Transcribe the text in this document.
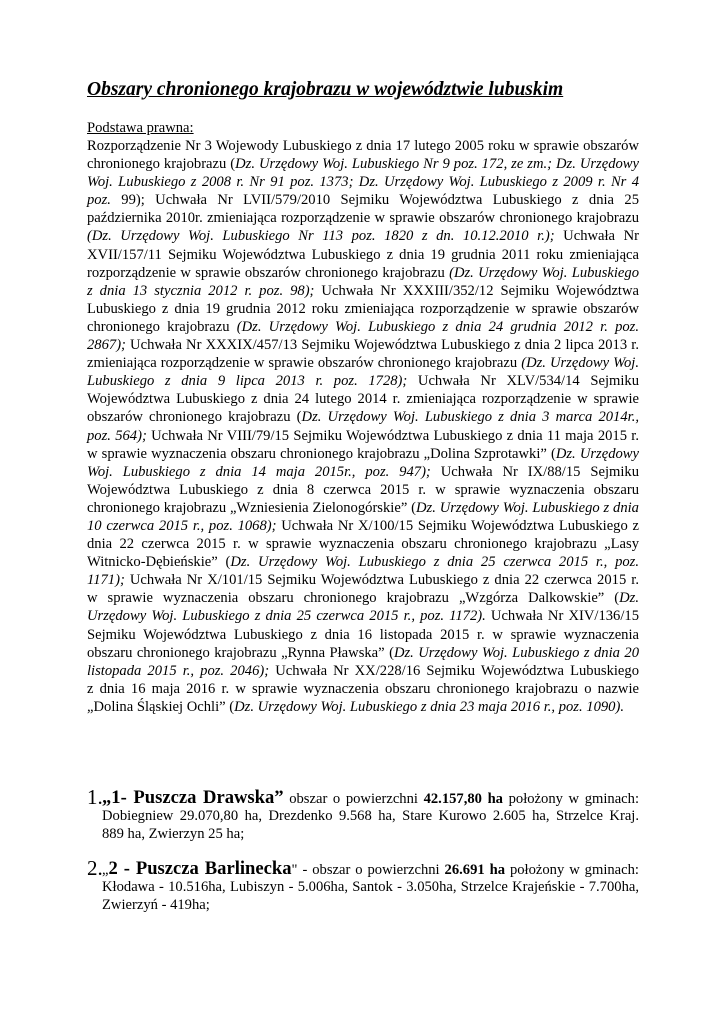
Obszary chronionego krajobrazu w województwie lubuskim
Podstawa prawna:
Rozporządzenie Nr 3 Wojewody Lubuskiego z dnia 17 lutego 2005 roku w sprawie obszarów
chronionego krajobrazu (Dz. Urzędowy Woj. Lubuskiego Nr 9 poz. 172, ze zm.; Dz. Urzędowy
Woj. Lubuskiego z 2008 r. Nr 91 poz. 1373; Dz. Urzędowy Woj. Lubuskiego z 2009 r. Nr 4
poz. 99); Uchwała Nr LVII/579/2010 Sejmiku Województwa Lubuskiego z dnia 25
października 2010r. zmieniająca rozporządzenie w sprawie obszarów chronionego krajobrazu
(Dz. Urzędowy Woj. Lubuskiego Nr 113 poz. 1820 z dn. 10.12.2010 r.); Uchwała Nr
XVII/157/11 Sejmiku Województwa Lubuskiego z dnia 19 grudnia 2011 roku zmieniająca
rozporządzenie w sprawie obszarów chronionego krajobrazu (Dz. Urzędowy Woj. Lubuskiego
z dnia 13 stycznia 2012 r. poz. 98); Uchwała Nr XXXIII/352/12 Sejmiku Województwa
Lubuskiego z dnia 19 grudnia 2012 roku zmieniająca rozporządzenie w sprawie obszarów
chronionego krajobrazu (Dz. Urzędowy Woj. Lubuskiego z dnia 24 grudnia 2012 r. poz.
2867); Uchwała Nr XXXIX/457/13 Sejmiku Województwa Lubuskiego z dnia 2 lipca 2013 r.
zmieniająca rozporządzenie w sprawie obszarów chronionego krajobrazu (Dz. Urzędowy Woj.
Lubuskiego z dnia 9 lipca 2013 r. poz. 1728); Uchwała Nr XLV/534/14 Sejmiku
Województwa Lubuskiego z dnia 24 lutego 2014 r. zmieniająca rozporządzenie w sprawie
obszarów chronionego krajobrazu (Dz. Urzędowy Woj. Lubuskiego z dnia 3 marca 2014r.,
poz. 564); Uchwała Nr VIII/79/15 Sejmiku Województwa Lubuskiego z dnia 11 maja 2015 r.
w sprawie wyznaczenia obszaru chronionego krajobrazu „Dolina Szprotawki” (Dz. Urzędowy
Woj. Lubuskiego z dnia 14 maja 2015r., poz. 947); Uchwała Nr IX/88/15 Sejmiku
Województwa Lubuskiego z dnia 8 czerwca 2015 r. w sprawie wyznaczenia obszaru
chronionego krajobrazu „Wzniesienia Zielonogórskie” (Dz. Urzędowy Woj. Lubuskiego z dnia
10 czerwca 2015 r., poz. 1068); Uchwała Nr X/100/15 Sejmiku Województwa Lubuskiego z
dnia 22 czerwca 2015 r. w sprawie wyznaczenia obszaru chronionego krajobrazu „Lasy
Witnicko-Dębieńskie” (Dz. Urzędowy Woj. Lubuskiego z dnia 25 czerwca 2015 r., poz.
1171); Uchwała Nr X/101/15 Sejmiku Województwa Lubuskiego z dnia 22 czerwca 2015 r.
w sprawie wyznaczenia obszaru chronionego krajobrazu „Wzgórza Dalkowskie” (Dz.
Urzędowy Woj. Lubuskiego z dnia 25 czerwca 2015 r., poz. 1172). Uchwała Nr XIV/136/15
Sejmiku Województwa Lubuskiego z dnia 16 listopada 2015 r. w sprawie wyznaczenia
obszaru chronionego krajobrazu „Rynna Pławska” (Dz. Urzędowy Woj. Lubuskiego z dnia 20
listopada 2015 r., poz. 2046); Uchwała Nr XX/228/16 Sejmiku Województwa Lubuskiego
z dnia 16 maja 2016 r. w sprawie wyznaczenia obszaru chronionego krajobrazu o nazwie
„Dolina Śląskiej Ochli” (Dz. Urzędowy Woj. Lubuskiego z dnia 23 maja 2016 r., poz. 1090).
1. „1- Puszcza Drawska” obszar o powierzchni 42.157,80 ha położony w gminach:
Dobiegniew 29.070,80 ha, Drezdenko 9.568 ha, Stare Kurowo 2.605 ha, Strzelce Kraj.
889 ha, Zwierzyn 25 ha;
2. „2 - Puszcza Barlinecka" - obszar o powierzchni 26.691 ha położony w gminach:
Kłodawa - 10.516ha, Lubiszyn - 5.006ha, Santok - 3.050ha, Strzelce Krajeńskie - 7.700ha,
Zwierzyń - 419ha;
